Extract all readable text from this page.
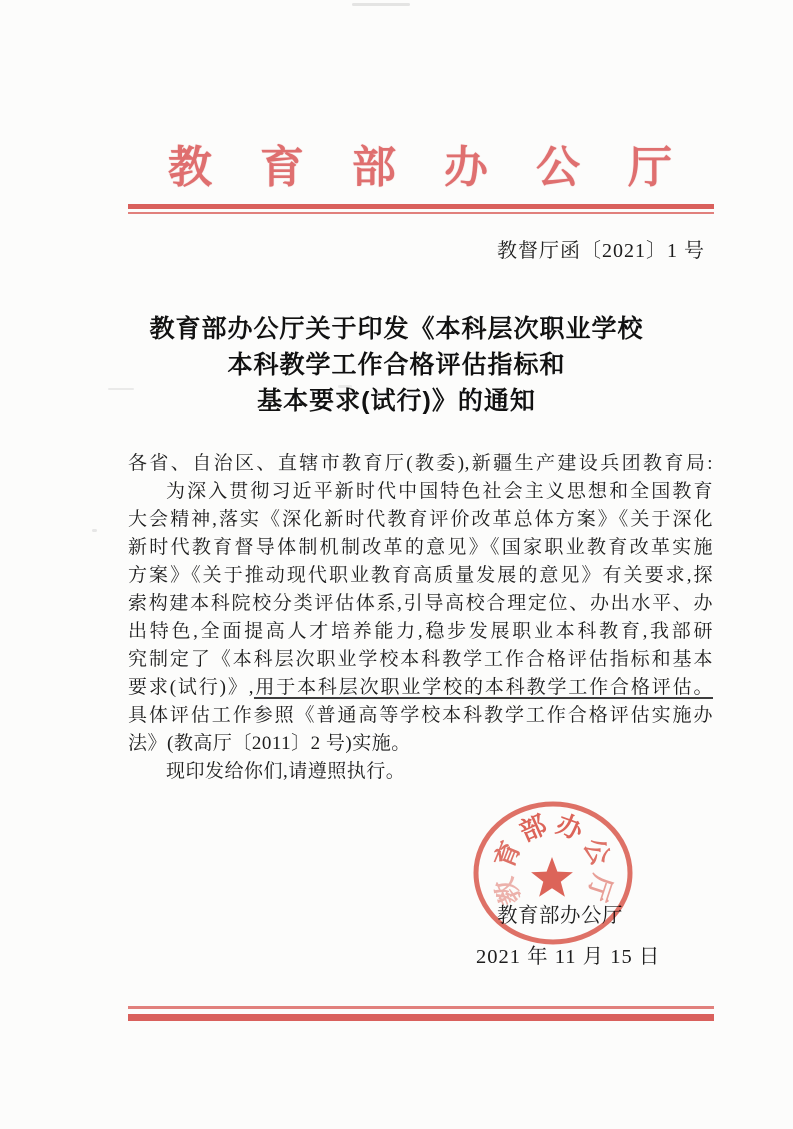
教育部办公厅
教督厅函〔2021〕1 号
教育部办公厅关于印发《本科层次职业学校
本科教学工作合格评估指标和
基本要求(试行)》的通知
各省、自治区、直辖市教育厅(教委),新疆生产建设兵团教育局:
为深入贯彻习近平新时代中国特色社会主义思想和全国教育
大会精神,落实《深化新时代教育评价改革总体方案》《关于深化
新时代教育督导体制机制改革的意见》《国家职业教育改革实施
方案》《关于推动现代职业教育高质量发展的意见》有关要求,探
索构建本科院校分类评估体系,引导高校合理定位、办出水平、办
出特色,全面提高人才培养能力,稳步发展职业本科教育,我部研
究制定了《本科层次职业学校本科教学工作合格评估指标和基本
要求(试行)》,用于本科层次职业学校的本科教学工作合格评估。
具体评估工作参照《普通高等学校本科教学工作合格评估实施办
法》(教高厅〔2011〕2 号)实施。
现印发给你们,请遵照执行。
教育部办公厅
2021 年 11 月 15 日
教
育
部 办
公
厅
